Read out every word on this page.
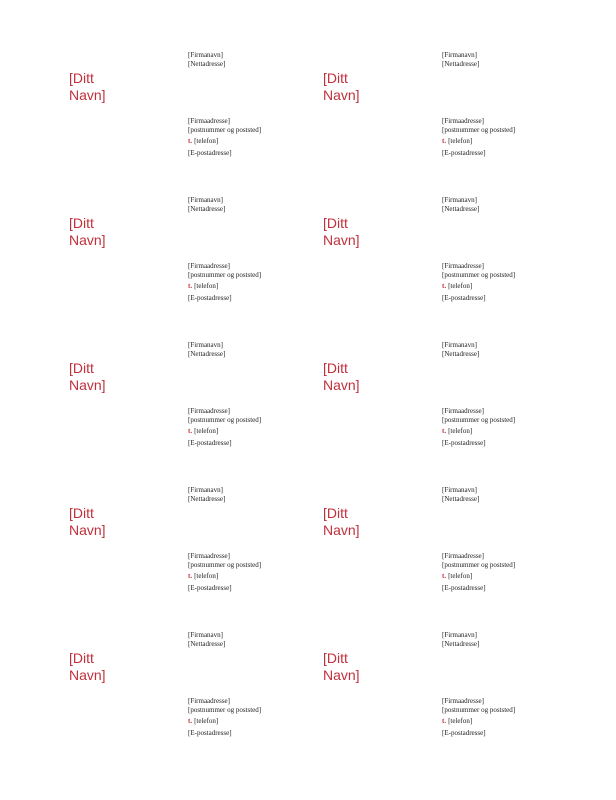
[Ditt
Navn]
[Firmanavn]
[Nettadresse]
[Firmaadresse]
[postnummer og poststed]
t. [telefon]
[E-postadresse]
[Ditt
Navn]
[Firmanavn]
[Nettadresse]
[Firmaadresse]
[postnummer og poststed]
t. [telefon]
[E-postadresse]
[Ditt
Navn]
[Firmanavn]
[Nettadresse]
[Firmaadresse]
[postnummer og poststed]
t. [telefon]
[E-postadresse]
[Ditt
Navn]
[Firmanavn]
[Nettadresse]
[Firmaadresse]
[postnummer og poststed]
t. [telefon]
[E-postadresse]
[Ditt
Navn]
[Firmanavn]
[Nettadresse]
[Firmaadresse]
[postnummer og poststed]
t. [telefon]
[E-postadresse]
[Ditt
Navn]
[Firmanavn]
[Nettadresse]
[Firmaadresse]
[postnummer og poststed]
t. [telefon]
[E-postadresse]
[Ditt
Navn]
[Firmanavn]
[Nettadresse]
[Firmaadresse]
[postnummer og poststed]
t. [telefon]
[E-postadresse]
[Ditt
Navn]
[Firmanavn]
[Nettadresse]
[Firmaadresse]
[postnummer og poststed]
t. [telefon]
[E-postadresse]
[Ditt
Navn]
[Firmanavn]
[Nettadresse]
[Firmaadresse]
[postnummer og poststed]
t. [telefon]
[E-postadresse]
[Ditt
Navn]
[Firmanavn]
[Nettadresse]
[Firmaadresse]
[postnummer og poststed]
t. [telefon]
[E-postadresse]
